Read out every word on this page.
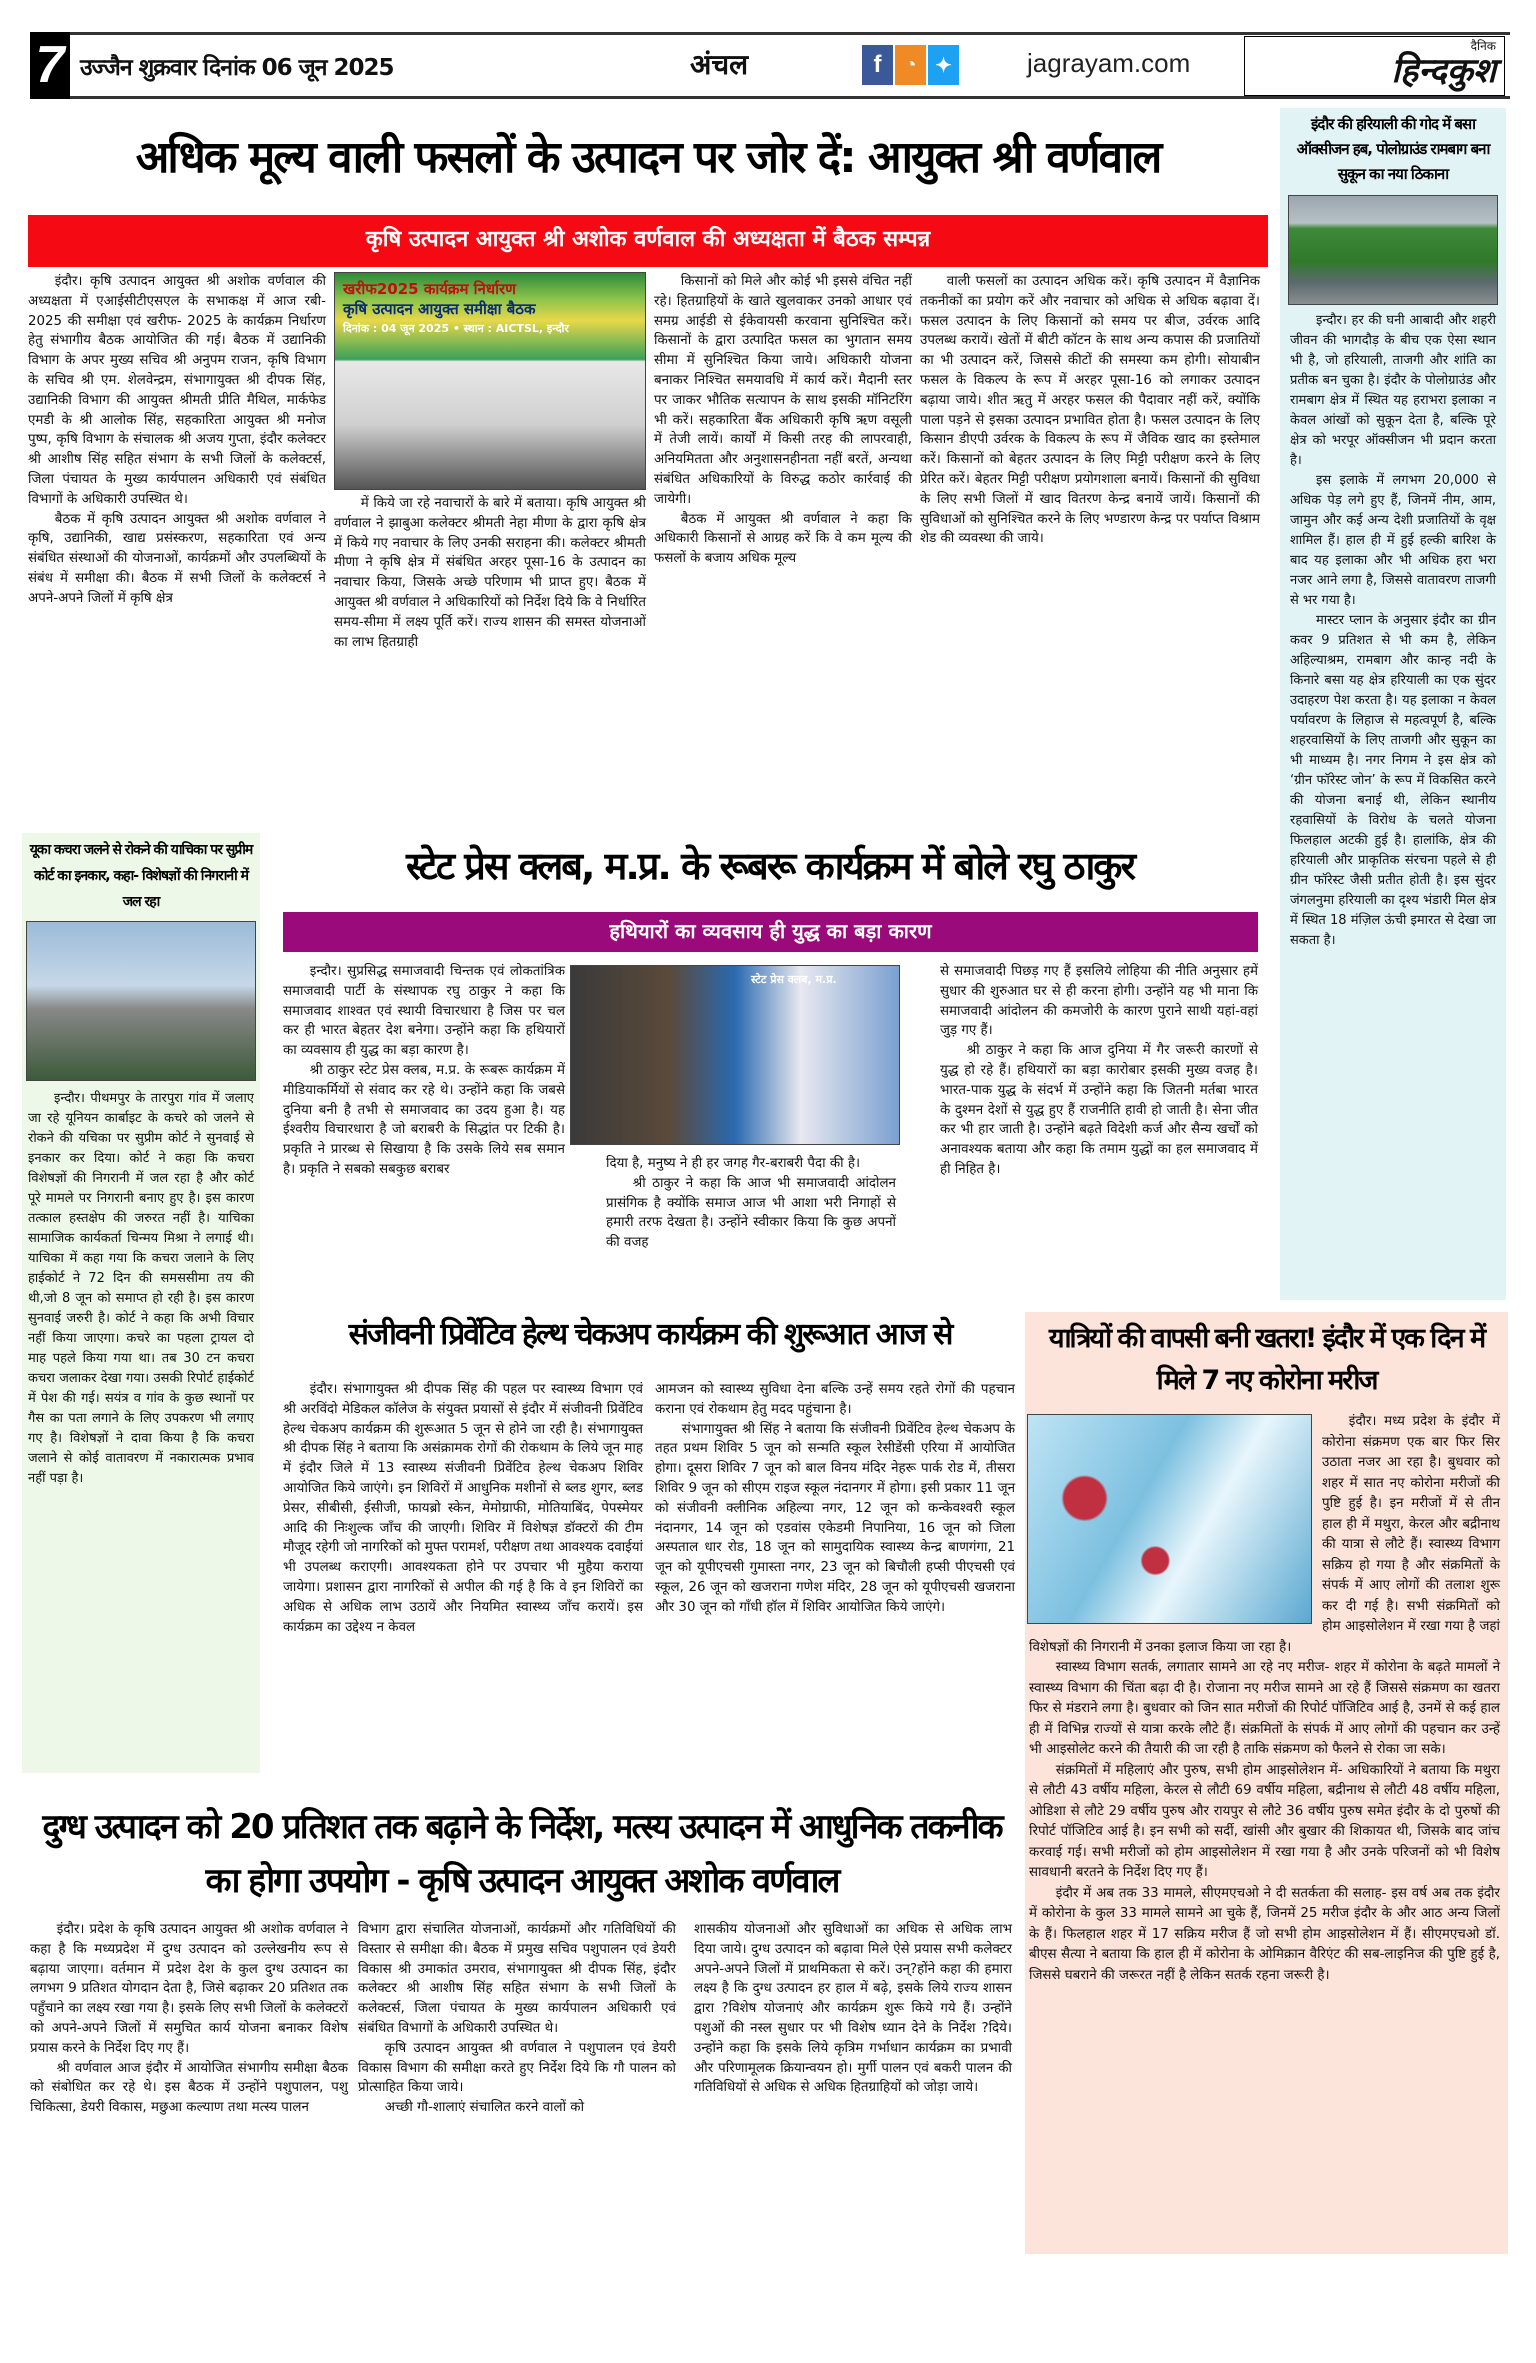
7 उज्जैन शुक्रवार दिनांक 06 जून 2025	अंचल	f	◔ ✦	jagrayam.com
दैनिक
हिन्दकुश
अधिक मूल्य वाली फसलों के उत्पादन पर जोर दें: आयुक्त श्री वर्णवाल
कृषि उत्पादन आयुक्त श्री अशोक वर्णवाल की अध्यक्षता में बैठक सम्पन्न

इंदौर। कृषि उत्पादन आयुक्त श्री अशोक वर्णवाल की अध्यक्षता में एआईसीटीएसएल के सभाकक्ष में आज रबी- 2025 की समीक्षा एवं खरीफ- 2025 के कार्यक्रम निर्धारण हेतु संभागीय बैठक आयोजित की गई। बैठक में उद्यानिकी विभाग के अपर मुख्य सचिव श्री अनुपम राजन, कृषि विभाग के सचिव श्री एम. शेलवेन्द्रम, संभागायुक्त श्री दीपक सिंह, उद्यानिकी विभाग की आयुक्त श्रीमती प्रीति मैथिल, मार्कफेड एमडी के श्री आलोक सिंह, सहकारिता आयुक्त श्री मनोज पुष्प, कृषि विभाग के संचालक श्री अजय गुप्ता, इंदौर कलेक्टर श्री आशीष सिंह सहित संभाग के सभी जिलों के कलेक्टर्स, जिला पंचायत के मुख्य कार्यपालन अधिकारी एवं संबंधित विभागों के अधिकारी उपस्थित थे।

बैठक में कृषि उत्पादन आयुक्त श्री अशोक वर्णवाल ने कृषि, उद्यानिकी, खाद्य प्रसंस्करण, सहकारिता एवं अन्य संबंधित संस्थाओं की योजनाओं, कार्यक्रमों और उपलब्धियों के संबंध में समीक्षा की। बैठक में सभी जिलों के कलेक्टर्स ने अपने-अपने जिलों में कृषि क्षेत्र

खरीफ2025 कार्यक्रम निर्धारण
कृषि उत्पादन आयुक्त समीक्षा बैठक
दिनांक : 04 जून 2025 • स्थान : AICTSL, इन्दौर

में किये जा रहे नवाचारों के बारे में बताया। कृषि आयुक्त श्री वर्णवाल ने झाबुआ कलेक्टर श्रीमती नेहा मीणा के द्वारा कृषि क्षेत्र में किये गए नवाचार के लिए उनकी सराहना की। कलेक्टर श्रीमती मीणा ने कृषि क्षेत्र में संबंधित अरहर पूसा-16 के उत्पादन का नवाचार किया, जिसके अच्छे परिणाम भी प्राप्त हुए। बैठक में आयुक्त श्री वर्णवाल ने अधिकारियों को निर्देश दिये कि वे निर्धारित समय-सीमा में लक्ष्य पूर्ति करें। राज्य शासन की समस्त योजनाओं का लाभ हितग्राही

किसानों को मिले और कोई भी इससे वंचित नहीं रहे। हितग्राहियों के खाते खुलवाकर उनको आधार एवं समग्र आईडी से ईकेवायसी करवाना सुनिश्चित करें। किसानों के द्वारा उत्पादित फसल का भुगतान समय सीमा में सुनिश्चित किया जाये। अधिकारी योजना बनाकर निश्चित समयावधि में कार्य करें। मैदानी स्तर पर जाकर भौतिक सत्यापन के साथ इसकी मॉनिटरिंग भी करें। सहकारिता बैंक अधिकारी कृषि ऋण वसूली में तेजी लायें। कार्यों में किसी तरह की लापरवाही, अनियमितता और अनुशासनहीनता नहीं बरतें, अन्यथा संबंधित अधिकारियों के विरुद्ध कठोर कार्रवाई की जायेगी।

बैठक में आयुक्त श्री वर्णवाल ने कहा कि अधिकारी किसानों से आग्रह करें कि वे कम मूल्य की फसलों के बजाय अधिक मूल्य

वाली फसलों का उत्पादन अधिक करें। कृषि उत्पादन में वैज्ञानिक तकनीकों का प्रयोग करें और नवाचार को अधिक से अधिक बढ़ावा दें। फसल उत्पादन के लिए किसानों को समय पर बीज, उर्वरक आदि उपलब्ध करायें। खेतों में बीटी कॉटन के साथ अन्य कपास की प्रजातियों का भी उत्पादन करें, जिससे कीटों की समस्या कम होगी। सोयाबीन फसल के विकल्प के रूप में अरहर पूसा-16 को लगाकर उत्पादन बढ़ाया जाये। शीत ऋतु में अरहर फसल की पैदावार नहीं करें, क्योंकि पाला पड़ने से इसका उत्पादन प्रभावित होता है। फसल उत्पादन के लिए किसान डीएपी उर्वरक के विकल्प के रूप में जैविक खाद का इस्तेमाल करें। किसानों को बेहतर उत्पादन के लिए मिट्टी परीक्षण करने के लिए प्रेरित करें। बेहतर मिट्टी परीक्षण प्रयोगशाला बनायें। किसानों की सुविधा के लिए सभी जिलों में खाद वितरण केन्द्र बनायें जायें। किसानों की सुविधाओं को सुनिश्चित करने के लिए भण्डारण केन्द्र पर पर्याप्त विश्राम शेड की व्यवस्था की जाये।

इंदौर की हरियाली की गोद में बसा ऑक्सीजन हब, पोलोग्राउंड रामबाग बना सुकून का नया ठिकाना

इन्दौर। हर की घनी आबादी और शहरी जीवन की भागदौड़ के बीच एक ऐसा स्थान भी है, जो हरियाली, ताजगी और शांति का प्रतीक बन चुका है। इंदौर के पोलोग्राउंड और रामबाग क्षेत्र में स्थित यह हराभरा इलाका न केवल आंखों को सुकून देता है, बल्कि पूरे क्षेत्र को भरपूर ऑक्सीजन भी प्रदान करता है।

इस इलाके में लगभग 20,000 से अधिक पेड़ लगे हुए हैं, जिनमें नीम, आम, जामुन और कई अन्य देशी प्रजातियों के वृक्ष शामिल हैं। हाल ही में हुई हल्की बारिश के बाद यह इलाका और भी अधिक हरा भरा नजर आने लगा है, जिससे वातावरण ताजगी से भर गया है।

मास्टर प्लान के अनुसार इंदौर का ग्रीन कवर 9 प्रतिशत से भी कम है, लेकिन अहिल्याश्रम, रामबाग और कान्ह नदी के किनारे बसा यह क्षेत्र हरियाली का एक सुंदर उदाहरण पेश करता है। यह इलाका न केवल पर्यावरण के लिहाज से महत्वपूर्ण है, बल्कि शहरवासियों के लिए ताजगी और सुकून का भी माध्यम है। नगर निगम ने इस क्षेत्र को ‘ग्रीन फॉरेस्ट जोन’ के रूप में विकसित करने की योजना बनाई थी, लेकिन स्थानीय रहवासियों के विरोध के चलते योजना फिलहाल अटकी हुई है। हालांकि, क्षेत्र की हरियाली और प्राकृतिक संरचना पहले से ही ग्रीन फॉरेस्ट जैसी प्रतीत होती है। इस सुंदर जंगलनुमा हरियाली का दृश्य भंडारी मिल क्षेत्र में स्थित 18 मंज़िल ऊंची इमारत से देखा जा सकता है।

यूका कचरा जलने से रोकने की याचिका पर सुप्रीम कोर्ट का इनकार, कहा- विशेषज्ञों की निगरानी में जल रहा

इन्दौर। पीथमपुर के तारपुरा गांव में जलाए जा रहे यूनियन कार्बाइट के कचरे को जलने से रोकने की यचिका पर सुप्रीम कोर्ट ने सुनवाई से इनकार कर दिया। कोर्ट ने कहा कि कचरा विशेषज्ञों की निगरानी में जल रहा है और कोर्ट पूरे मामले पर निगरानी बनाए हुए है। इस कारण तत्काल हस्तक्षेप की जरुरत नहीं है। याचिका सामाजिक कार्यकर्ता चिन्मय मिश्रा ने लगाई थी। याचिका में कहा गया कि कचरा जलाने के लिए हाईकोर्ट ने 72 दिन की समससीमा तय की थी,जो 8 जून को समाप्त हो रही है। इस कारण सुनवाई जरुरी है। कोर्ट ने कहा कि अभी विचार नहीं किया जाएगा। कचरे का पहला ट्रायल दो माह पहले किया गया था। तब 30 टन कचरा कचरा जलाकर देखा गया। उसकी रिपोर्ट हाईकोर्ट में पेश की गई। सयंत्र व गांव के कुछ स्थानों पर गैस का पता लगाने के लिए उपकरण भी लगाए गए है। विशेषज्ञों ने दावा किया है कि कचरा जलाने से कोई वातावरण में नकारात्मक प्रभाव नहीं पड़ा है।

स्टेट प्रेस क्लब, म.प्र. के रूबरू कार्यक्रम में बोले रघु ठाकुर
हथियारों का व्यवसाय ही युद्ध का बड़ा कारण

इन्दौर। सुप्रसिद्ध समाजवादी चिन्तक एवं लोकतांत्रिक समाजवादी पार्टी के संस्थापक रघु ठाकुर ने कहा कि समाजवाद शाश्वत एवं स्थायी विचारधारा है जिस पर चल कर ही भारत बेहतर देश बनेगा। उन्होंने कहा कि हथियारों का व्यवसाय ही युद्ध का बड़ा कारण है।

श्री ठाकुर स्टेट प्रेस क्लब, म.प्र. के रूबरू कार्यक्रम में मीडियाकर्मियों से संवाद कर रहे थे। उन्होंने कहा कि जबसे दुनिया बनी है तभी से समाजवाद का उदय हुआ है। यह ईश्वरीय विचारधारा है जो बराबरी के सिद्धांत पर टिकी है। प्रकृति ने प्रारब्ध से सिखाया है कि उसके लिये सब समान है। प्रकृति ने सबको सबकुछ बराबर

स्टेट प्रेस क्लब, म.प्र.

दिया है, मनुष्य ने ही हर जगह गैर-बराबरी पैदा की है।

श्री ठाकुर ने कहा कि आज भी समाजवादी आंदोलन प्रासंगिक है क्योंकि समाज आज भी आशा भरी निगाहों से हमारी तरफ देखता है। उन्होंने स्वीकार किया कि कुछ अपनों की वजह

से समाजवादी पिछड़ गए हैं इसलिये लोहिया की नीति अनुसार हमें सुधार की शुरुआत घर से ही करना होगी। उन्होंने यह भी माना कि समाजवादी आंदोलन की कमजोरी के कारण पुराने साथी यहां-वहां जुड़ गए हैं।

श्री ठाकुर ने कहा कि आज दुनिया में गैर जरूरी कारणों से युद्ध हो रहे हैं। हथियारों का बड़ा कारोबार इसकी मुख्य वजह है। भारत-पाक युद्ध के संदर्भ में उन्होंने कहा कि जितनी मर्तबा भारत के दुश्मन देशों से युद्ध हुए हैं राजनीति हावी हो जाती है। सेना जीत कर भी हार जाती है। उन्होंने बढ़ते विदेशी कर्ज और सैन्य खर्चों को अनावश्यक बताया और कहा कि तमाम युद्धों का हल समाजवाद में ही निहित है।

संजीवनी प्रिवेंटिव हेल्थ चेकअप कार्यक्रम की शुरूआत आज से

इंदौर। संभागायुक्त श्री दीपक सिंह की पहल पर स्वास्थ्य विभाग एवं श्री अरविंदो मेडिकल कॉलेज के संयुक्त प्रयासों से इंदौर में संजीवनी प्रिवेंटिव हेल्थ चेकअप कार्यक्रम की शुरूआत 5 जून से होने जा रही है। संभागायुक्त श्री दीपक सिंह ने बताया कि असंक्रामक रोगों की रोकथाम के लिये जून माह में इंदौर जिले में 13 स्वास्थ्य संजीवनी प्रिवेंटिव हेल्थ चेकअप शिविर आयोजित किये जाएंगे। इन शिविरों में आधुनिक मशीनों से ब्लड शुगर, ब्लड प्रेसर, सीबीसी, ईसीजी, फायब्रो स्केन, मेमोग्राफी, मोतियाबिंद, पेपस्मेयर आदि की निःशुल्क जाँच की जाएगी। शिविर में विशेषज्ञ डॉक्टरों की टीम मौजूद रहेगी जो नागरिकों को मुफ्त परामर्श, परीक्षण तथा आवश्यक दवाईयां भी उपलब्ध कराएगी। आवश्यकता होने पर उपचार भी मुहैया कराया जायेगा। प्रशासन द्वारा नागरिकों से अपील की गई है कि वे इन शिविरों का अधिक से अधिक लाभ उठायें और नियमित स्वास्थ्य जाँच करायें। इस कार्यक्रम का उद्देश्य न केवल

आमजन को स्वास्थ्य सुविधा देना बल्कि उन्हें समय रहते रोगों की पहचान कराना एवं रोकथाम हेतु मदद पहुंचाना है।

संभागायुक्त श्री सिंह ने बताया कि संजीवनी प्रिवेंटिव हेल्थ चेकअप के तहत प्रथम शिविर 5 जून को सन्मति स्कूल रेसीडेंसी एरिया में आयोजित होगा। दूसरा शिविर 7 जून को बाल विनय मंदिर नेहरू पार्क रोड में, तीसरा शिविर 9 जून को सीएम राइज स्कूल नंदानगर में होगा। इसी प्रकार 11 जून को संजीवनी क्लीनिक अहिल्या नगर, 12 जून को कन्केवश्वरी स्कूल नंदानगर, 14 जून को एडवांस एकेडमी निपानिया, 16 जून को जिला अस्पताल धार रोड, 18 जून को सामुदायिक स्वास्थ्य केन्द्र बाणगंगा, 21 जून को यूपीएचसी गुमास्ता नगर, 23 जून को बिचौली हप्सी पीएचसी एवं स्कूल, 26 जून को खजराना गणेश मंदिर, 28 जून को यूपीएचसी खजराना और 30 जून को गाँधी हॉल में शिविर आयोजित किये जाएंगे।

यात्रियों की वापसी बनी खतरा! इंदौर में एक दिन में मिले 7 नए कोरोना मरीज

इंदौर। मध्य प्रदेश के इंदौर में कोरोना संक्रमण एक बार फिर सिर उठाता नजर आ रहा है। बुधवार को शहर में सात नए कोरोना मरीजों की पुष्टि हुई है। इन मरीजों में से तीन हाल ही में मथुरा, केरल और बद्रीनाथ की यात्रा से लौटे हैं। स्वास्थ्य विभाग सक्रिय हो गया है और संक्रमितों के संपर्क में आए लोगों की तलाश शुरू कर दी गई है। सभी संक्रमितों को होम आइसोलेशन में रखा गया है जहां विशेषज्ञों की निगरानी में उनका इलाज किया जा रहा है।

स्वास्थ्य विभाग सतर्क, लगातार सामने आ रहे नए मरीज- शहर में कोरोना के बढ़ते मामलों ने स्वास्थ्य विभाग की चिंता बढ़ा दी है। रोजाना नए मरीज सामने आ रहे हैं जिससे संक्रमण का खतरा फिर से मंडराने लगा है। बुधवार को जिन सात मरीजों की रिपोर्ट पॉजिटिव आई है, उनमें से कई हाल ही में विभिन्न राज्यों से यात्रा करके लौटे हैं। संक्रमितों के संपर्क में आए लोगों की पहचान कर उन्हें भी आइसोलेट करने की तैयारी की जा रही है ताकि संक्रमण को फैलने से रोका जा सके।

संक्रमितों में महिलाएं और पुरुष, सभी होम आइसोलेशन में- अधिकारियों ने बताया कि मथुरा से लौटी 43 वर्षीय महिला, केरल से लौटी 69 वर्षीय महिला, बद्रीनाथ से लौटी 48 वर्षीय महिला, ओडिशा से लौटे 29 वर्षीय पुरुष और रायपुर से लौटे 36 वर्षीय पुरुष समेत इंदौर के दो पुरुषों की रिपोर्ट पॉजिटिव आई है। इन सभी को सर्दी, खांसी और बुखार की शिकायत थी, जिसके बाद जांच करवाई गई। सभी मरीजों को होम आइसोलेशन में रखा गया है और उनके परिजनों को भी विशेष सावधानी बरतने के निर्देश दिए गए हैं।

इंदौर में अब तक 33 मामले, सीएमएचओ ने दी सतर्कता की सलाह- इस वर्ष अब तक इंदौर में कोरोना के कुल 33 मामले सामने आ चुके हैं, जिनमें 25 मरीज इंदौर के और आठ अन्य जिलों के हैं। फिलहाल शहर में 17 सक्रिय मरीज हैं जो सभी होम आइसोलेशन में हैं। सीएमएचओ डॉ. बीएस सैत्या ने बताया कि हाल ही में कोरोना के ओमिक्रान वैरिएंट की सब-लाइनिज की पुष्टि हुई है, जिससे घबराने की जरूरत नहीं है लेकिन सतर्क रहना जरूरी है।

दुग्ध उत्पादन को 20 प्रतिशत तक बढ़ाने के निर्देश, मत्स्य उत्पादन में आधुनिक तकनीक का होगा उपयोग - कृषि उत्पादन आयुक्त अशोक वर्णवाल

इंदौर। प्रदेश के कृषि उत्पादन आयुक्त श्री अशोक वर्णवाल ने कहा है कि मध्यप्रदेश में दुग्ध उत्पादन को उल्लेखनीय रूप से बढ़ाया जाएगा। वर्तमान में प्रदेश देश के कुल दुग्ध उत्पादन का लगभग 9 प्रतिशत योगदान देता है, जिसे बढ़ाकर 20 प्रतिशत तक पहुँचाने का लक्ष्य रखा गया है। इसके लिए सभी जिलों के कलेक्टरों को अपने-अपने जिलों में समुचित कार्य योजना बनाकर विशेष प्रयास करने के निर्देश दिए गए हैं।

श्री वर्णवाल आज इंदौर में आयोजित संभागीय समीक्षा बैठक को संबोधित कर रहे थे। इस बैठक में उन्होंने पशुपालन, पशु चिकित्सा, डेयरी विकास, मछुआ कल्याण तथा मत्स्य पालन

विभाग द्वारा संचालित योजनाओं, कार्यक्रमों और गतिविधियों की विस्तार से समीक्षा की। बैठक में प्रमुख सचिव पशुपालन एवं डेयरी विकास श्री उमाकांत उमराव, संभागायुक्त श्री दीपक सिंह, इंदौर कलेक्टर श्री आशीष सिंह सहित संभाग के सभी जिलों के कलेक्टर्स, जिला पंचायत के मुख्य कार्यपालन अधिकारी एवं संबंधित विभागों के अधिकारी उपस्थित थे।

कृषि उत्पादन आयुक्त श्री वर्णवाल ने पशुपालन एवं डेयरी विकास विभाग की समीक्षा करते हुए निर्देश दिये कि गौ पालन को प्रोत्साहित किया जाये।

अच्छी गौ-शालाएं संचालित करने वालों को

शासकीय योजनाओं और सुविधाओं का अधिक से अधिक लाभ दिया जाये। दुग्ध उत्पादन को बढ़ावा मिले ऐसे प्रयास सभी कलेक्टर अपने-अपने जिलों में प्राथमिकता से करें। उन्?होंने कहा की हमारा लक्ष्य है कि दुग्ध उत्पादन हर हाल में बढ़े, इसके लिये राज्य शासन द्वारा ?विशेष योजनाएं और कार्यक्रम शुरू किये गये हैं। उन्होंने पशुओं की नस्ल सुधार पर भी विशेष ध्यान देने के निर्देश ?दिये। उन्होंने कहा कि इसके लिये कृत्रिम गर्भाधान कार्यक्रम का प्रभावी और परिणामूलक क्रियान्वयन हो। मुर्गी पालन एवं बकरी पालन की गतिविधियों से अधिक से अधिक हितग्राहियों को जोड़ा जाये।
